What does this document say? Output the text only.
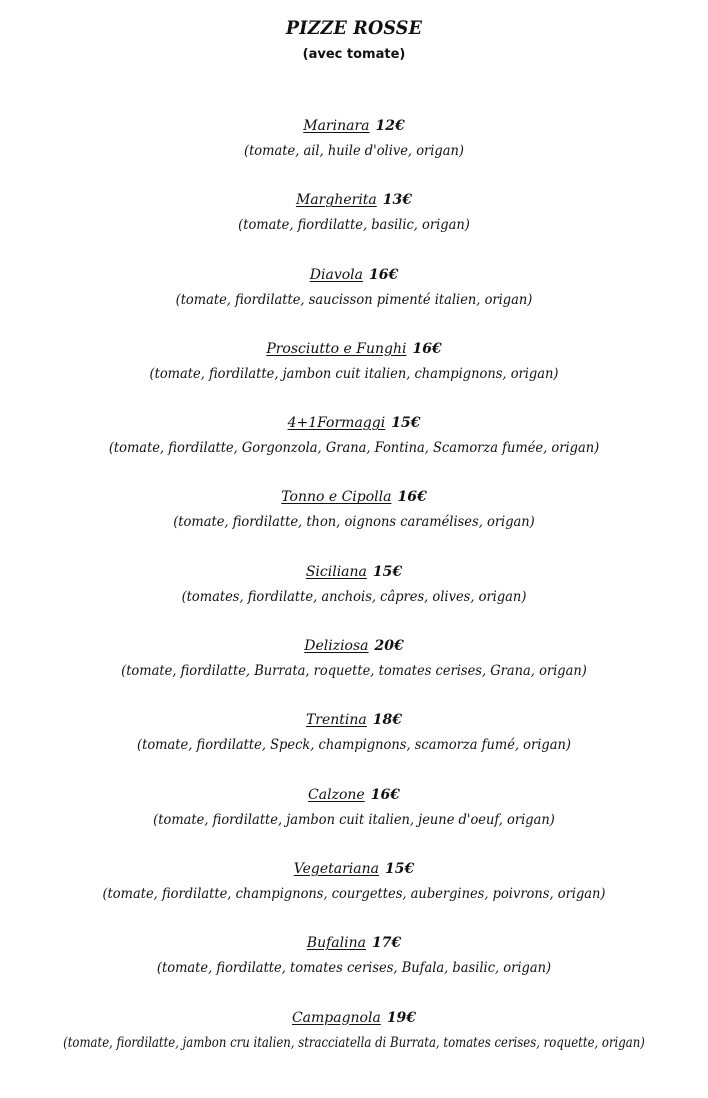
PIZZE ROSSE
(avec tomate)
Marinara 12€
(tomate, ail, huile d'olive, origan)
Margherita 13€
(tomate, fiordilatte, basilic, origan)
Diavola 16€
(tomate, fiordilatte, saucisson pimenté italien, origan)
Prosciutto e Funghi 16€
(tomate, fiordilatte, jambon cuit italien, champignons, origan)
4+1Formaggi 15€
(tomate, fiordilatte, Gorgonzola, Grana, Fontina, Scamorza fumée, origan)
Tonno e Cipolla 16€
(tomate, fiordilatte, thon, oignons caramélises, origan)
Siciliana 15€
(tomates, fiordilatte, anchois, câpres, olives, origan)
Deliziosa 20€
(tomate, fiordilatte, Burrata, roquette, tomates cerises, Grana, origan)
Trentina 18€
(tomate, fiordilatte, Speck, champignons, scamorza fumé, origan)
Calzone 16€
(tomate, fiordilatte, jambon cuit italien, jeune d'oeuf, origan)
Vegetariana 15€
(tomate, fiordilatte, champignons, courgettes, aubergines, poivrons, origan)
Bufalina 17€
(tomate, fiordilatte, tomates cerises, Bufala, basilic, origan)
Campagnola 19€
(tomate, fiordilatte, jambon cru italien, stracciatella di Burrata, tomates cerises, roquette, origan)
